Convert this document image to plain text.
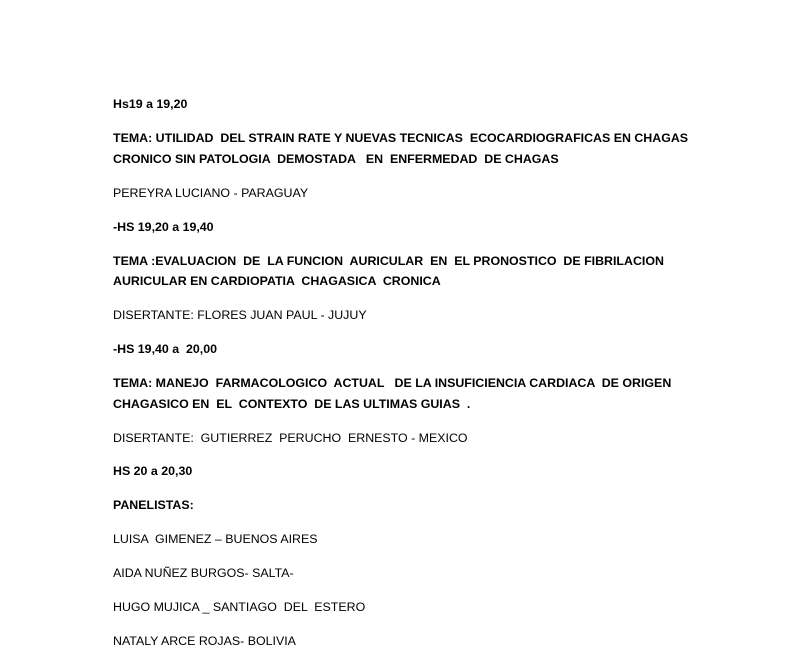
Hs19 a 19,20
TEMA: UTILIDAD  DEL STRAIN RATE Y NUEVAS TECNICAS  ECOCARDIOGRAFICAS EN CHAGAS
CRONICO SIN PATOLOGIA  DEMOSTADA   EN  ENFERMEDAD  DE CHAGAS
PEREYRA LUCIANO - PARAGUAY
-HS 19,20 a 19,40
TEMA :EVALUACION  DE  LA FUNCION  AURICULAR  EN  EL PRONOSTICO  DE FIBRILACION
AURICULAR EN CARDIOPATIA  CHAGASICA  CRONICA
DISERTANTE: FLORES JUAN PAUL - JUJUY
-HS 19,40 a  20,00
TEMA: MANEJO  FARMACOLOGICO  ACTUAL   DE LA INSUFICIENCIA CARDIACA  DE ORIGEN
CHAGASICO EN  EL  CONTEXTO  DE LAS ULTIMAS GUIAS  .
DISERTANTE:  GUTIERREZ  PERUCHO  ERNESTO - MEXICO
HS 20 a 20,30
PANELISTAS:
LUISA  GIMENEZ – BUENOS AIRES
AIDA NUÑEZ BURGOS- SALTA-
HUGO MUJICA _ SANTIAGO  DEL  ESTERO
NATALY ARCE ROJAS- BOLIVIA
